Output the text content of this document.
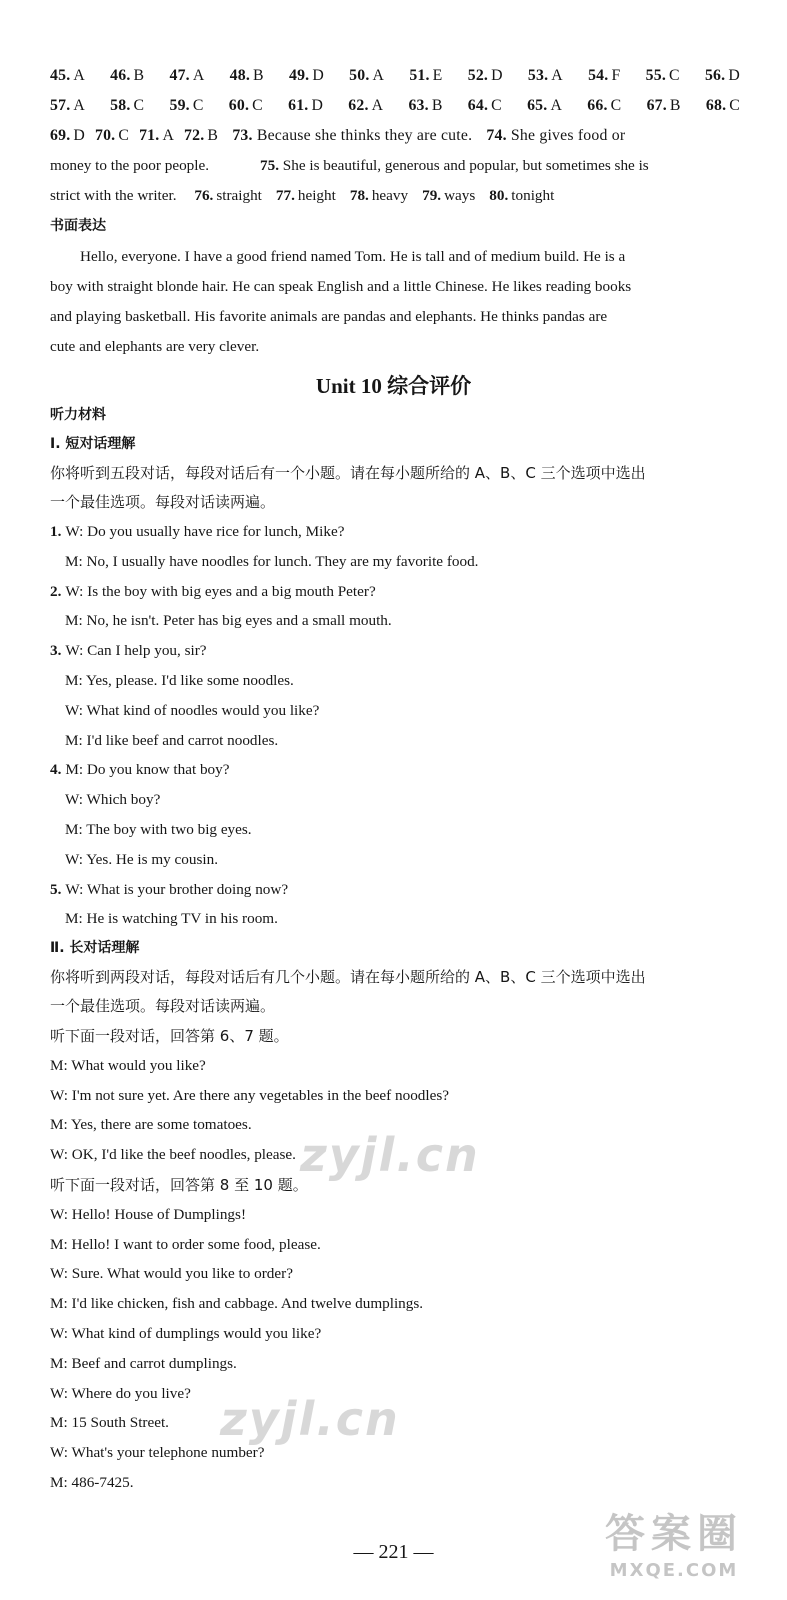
45. A 46. B 47. A 48. B 49. D 50. A 51. E 52. D 53. A 54. F 55. C 56. D
57. A 58. C 59. C 60. C 61. D 62. A 63. B 64. C 65. A 66. C 67. B 68. C
69. D 70. C 71. A 72. B 73. Because she thinks they are cute. 74. She gives food or
money to the poor people.	75. She is beautiful, generous and popular, but sometimes she is
strict with the writer. 76. straight 77. height 78. heavy 79. ways 80. tonight
书面表达
Hello, everyone. I have a good friend named Tom. He is tall and of medium build. He is a
boy with straight blonde hair. He can speak English and a little Chinese. He likes reading books
and playing basketball. His favorite animals are pandas and elephants. He thinks pandas are
cute and elephants are very clever.
Unit 10 综合评价
听力材料
Ⅰ. 短对话理解
你将听到五段对话，每段对话后有一个小题。请在每小题所给的 A、B、C 三个选项中选出
一个最佳选项。每段对话读两遍。
1. W: Do you usually have rice for lunch, Mike?
M: No, I usually have noodles for lunch. They are my favorite food.
2. W: Is the boy with big eyes and a big mouth Peter?
M: No, he isn't. Peter has big eyes and a small mouth.
3. W: Can I help you, sir?
M: Yes, please. I'd like some noodles.
W: What kind of noodles would you like?
M: I'd like beef and carrot noodles.
4. M: Do you know that boy?
W: Which boy?
M: The boy with two big eyes.
W: Yes. He is my cousin.
5. W: What is your brother doing now?
M: He is watching TV in his room.
Ⅱ. 长对话理解
你将听到两段对话，每段对话后有几个小题。请在每小题所给的 A、B、C 三个选项中选出
一个最佳选项。每段对话读两遍。
听下面一段对话，回答第 6、7 题。
M: What would you like?
W: I'm not sure yet. Are there any vegetables in the beef noodles?
M: Yes, there are some tomatoes.
W: OK, I'd like the beef noodles, please.
听下面一段对话，回答第 8 至 10 题。
W: Hello! House of Dumplings!
M: Hello! I want to order some food, please.
W: Sure. What would you like to order?
M: I'd like chicken, fish and cabbage. And twelve dumplings.
W: What kind of dumplings would you like?
M: Beef and carrot dumplings.
W: Where do you live?
M: 15 South Street.
W: What's your telephone number?
M: 486-7425.
— 221 —
zyjl.cn
zyjl.cn
答案圈
MXQE.COM
